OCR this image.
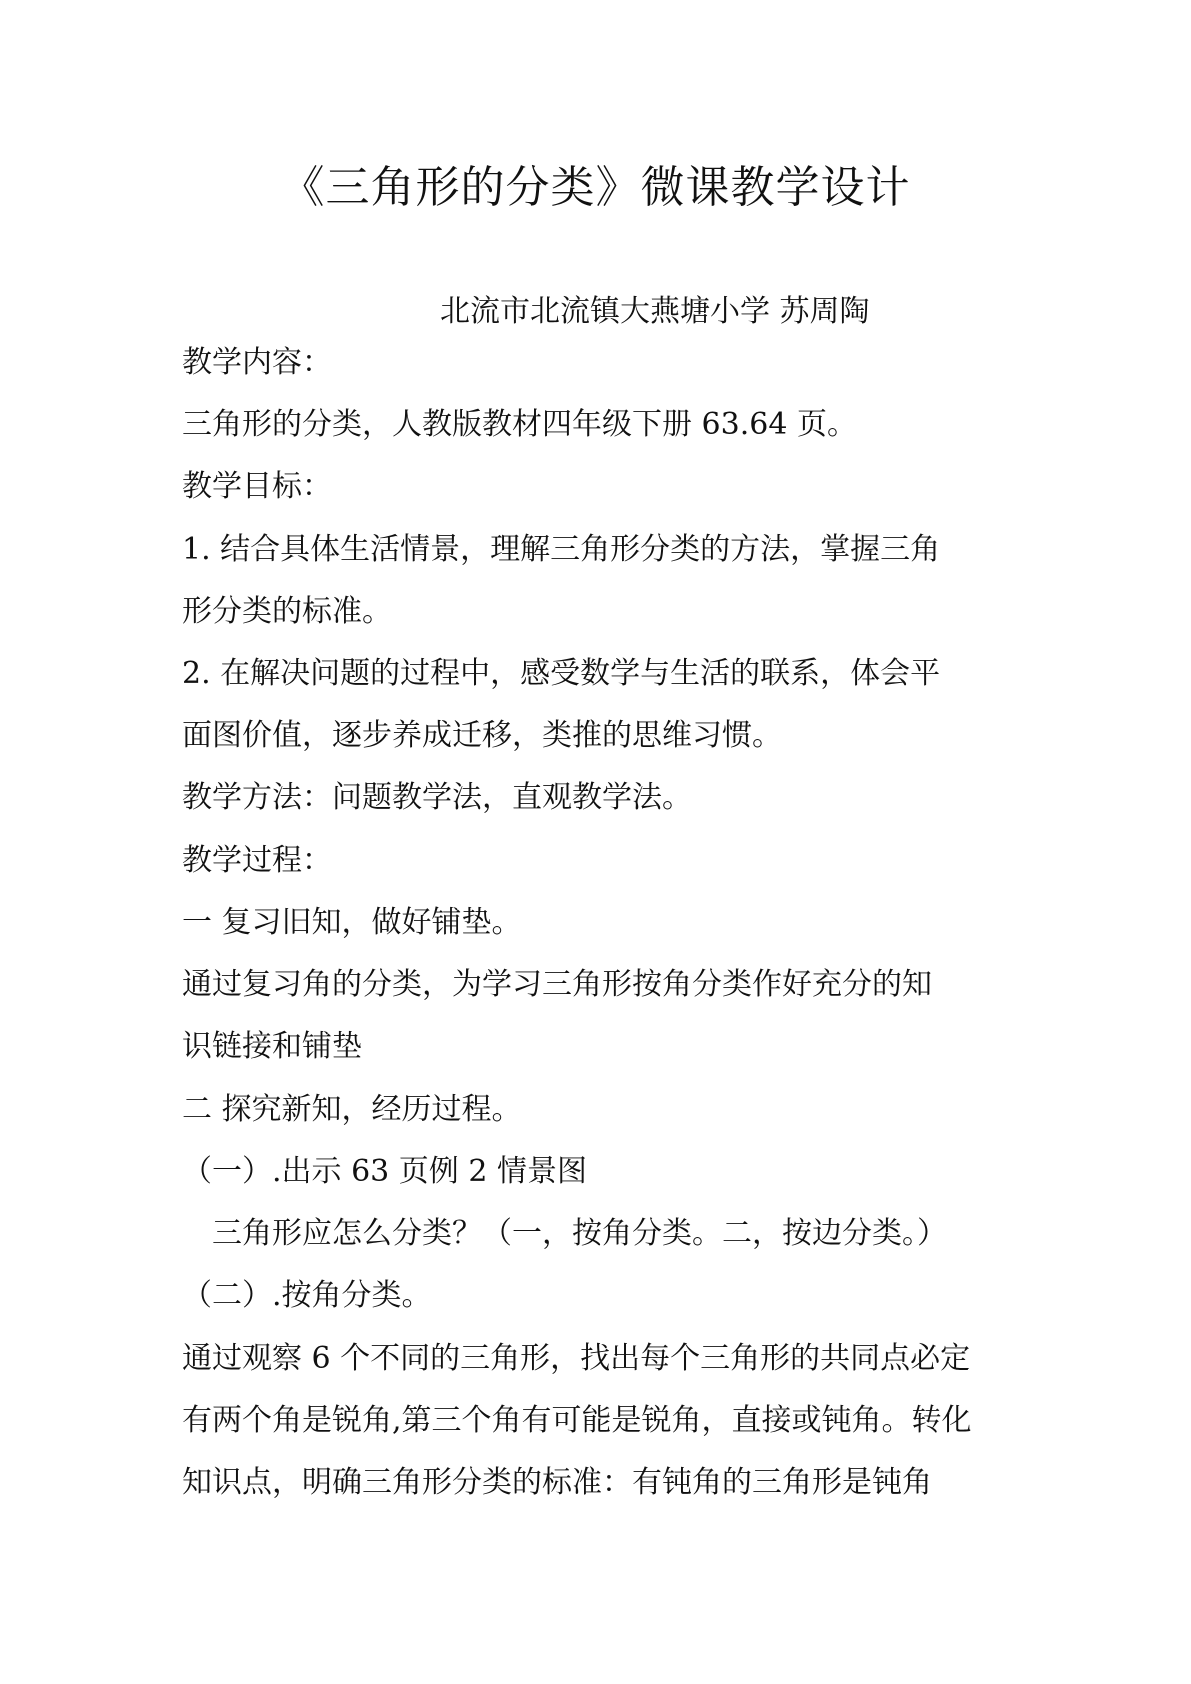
《三角形的分类》微课教学设计
北流市北流镇大燕塘小学 苏周陶
教学内容：
三角形的分类，人教版教材四年级下册 63.64 页。
教学目标：
1. 结合具体生活情景，理解三角形分类的方法，掌握三角
形分类的标准。
2. 在解决问题的过程中，感受数学与生活的联系，体会平
面图价值，逐步养成迁移，类推的思维习惯。
教学方法：问题教学法，直观教学法。
教学过程：
一 复习旧知，做好铺垫。
通过复习角的分类，为学习三角形按角分类作好充分的知
识链接和铺垫
二 探究新知，经历过程。
（一）.出示 63 页例 2 情景图
　三角形应怎么分类？（一，按角分类。二，按边分类。）
（二）.按角分类。
通过观察 6 个不同的三角形，找出每个三角形的共同点必定
有两个角是锐角,第三个角有可能是锐角，直接或钝角。转化
知识点，明确三角形分类的标准：有钝角的三角形是钝角
